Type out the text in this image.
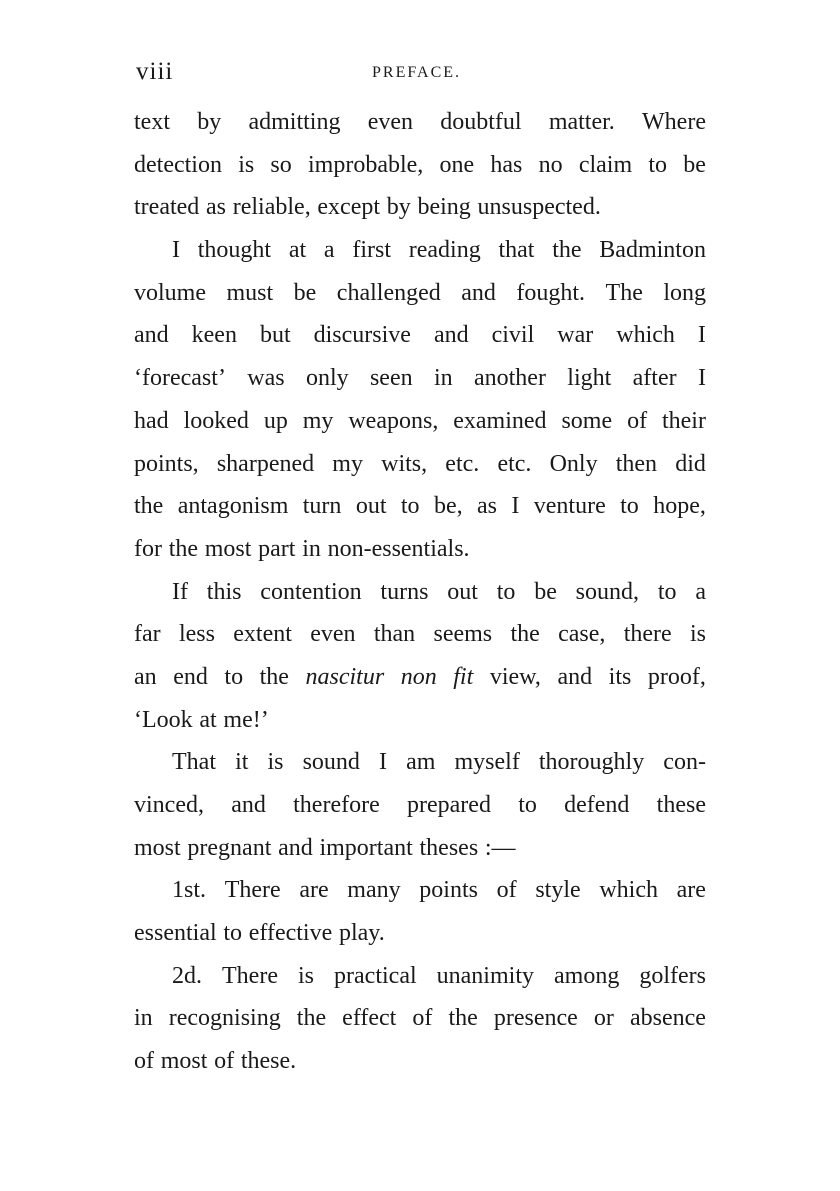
viii	PREFACE.
text by admitting even doubtful matter. Where
detection is so improbable, one has no claim to be
treated as reliable, except by being unsuspected.
I thought at a first reading that the Badminton
volume must be challenged and fought. The long
and keen but discursive and civil war which I
‘forecast’ was only seen in another light after I
had looked up my weapons, examined some of their
points, sharpened my wits, etc. etc. Only then did
the antagonism turn out to be, as I venture to hope,
for the most part in non-essentials.
If this contention turns out to be sound, to a
far less extent even than seems the case, there is
an end to the nascitur non fit view, and its proof,
‘Look at me!’
That it is sound I am myself thoroughly con-
vinced, and therefore prepared to defend these
most pregnant and important theses :—
1st. There are many points of style which are
essential to effective play.
2d. There is practical unanimity among golfers
in recognising the effect of the presence or absence
of most of these.
